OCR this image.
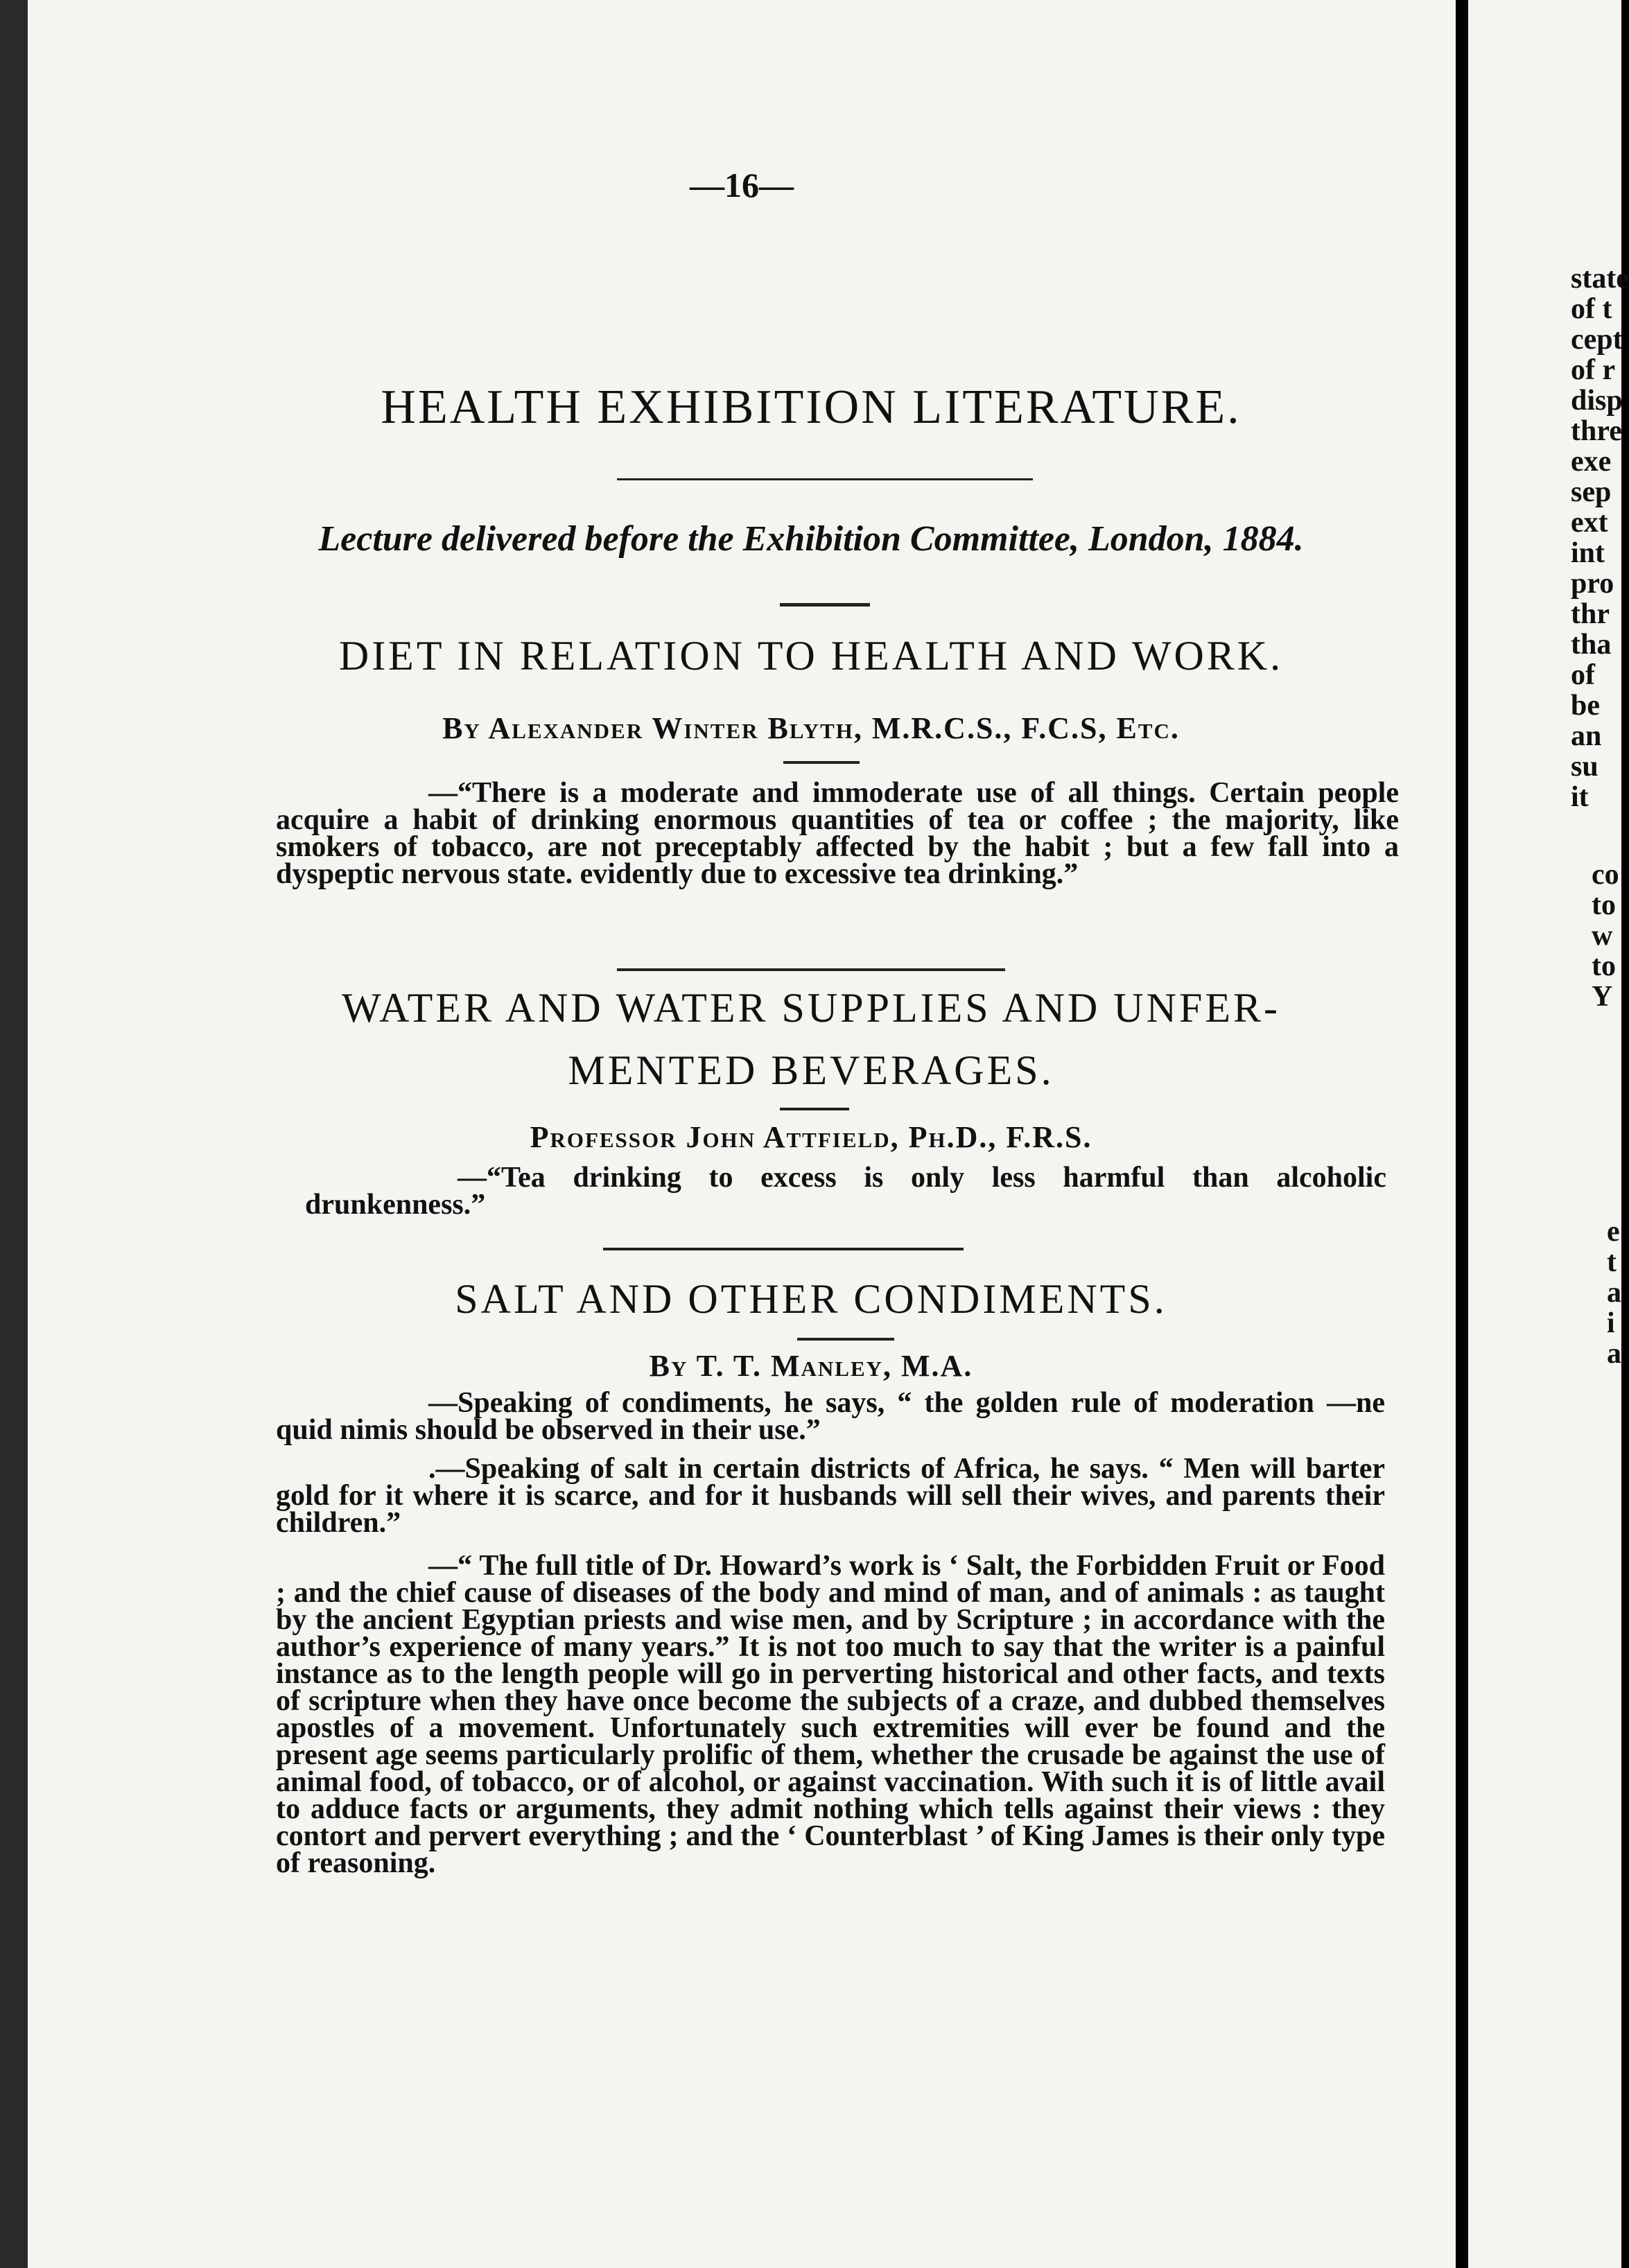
—16—
HEALTH EXHIBITION LITERATURE.
Lecture delivered before the Exhibition Committee, London, 1884.
DIET IN RELATION TO HEALTH AND WORK.
By Alexander Winter Blyth, M.R.C.S., F.C.S, Etc.
—“There is a moderate and immoderate use of all things. Certain people acquire a habit of drinking enormous quantities of tea or coffee ; the majority, like smokers of tobacco, are not preceptably affected by the habit ; but a few fall into a dyspeptic nervous state. evidently due to excessive tea drinking.”
WATER AND WATER SUPPLIES AND UNFER-
MENTED BEVERAGES.
Professor John Attfield, Ph.D., F.R.S.
—“Tea drinking to excess is only less harmful than alcoholic drunkenness.”
SALT AND OTHER CONDIMENTS.
By T. T. Manley, M.A.
—Speaking of condiments, he says, “ the golden rule of moderation —ne quid nimis should be observed in their use.”
.—Speaking of salt in certain districts of Africa, he says. “ Men will barter gold for it where it is scarce, and for it husbands will sell their wives, and parents their children.”
—“ The full title of Dr. Howard’s work is ‘ Salt, the Forbidden Fruit or Food ; and the chief cause of diseases of the body and mind of man, and of animals : as taught by the ancient Egyptian priests and wise men, and by Scripture ; in accordance with the author’s experience of many years.” It is not too much to say that the writer is a painful instance as to the length people will go in perverting historical and other facts, and texts of scripture when they have once become the subjects of a craze, and dubbed themselves apostles of a movement. Unfortunately such extremities will ever be found and the present age seems particularly prolific of them, whether the crusade be against the use of animal food, of tobacco, or of alcohol, or against vaccination. With such it is of little avail to adduce facts or arguments, they admit nothing which tells against their views : they contort and pervert everything ; and the ‘ Counterblast ’ of King James is their only type of reasoning.
state
of t
cept
of r
disp
thre
exe
sep
ext
int
pro
thr
tha
of
be
an
su
it
co
to
w
to
Y
e
t
a
i
a
